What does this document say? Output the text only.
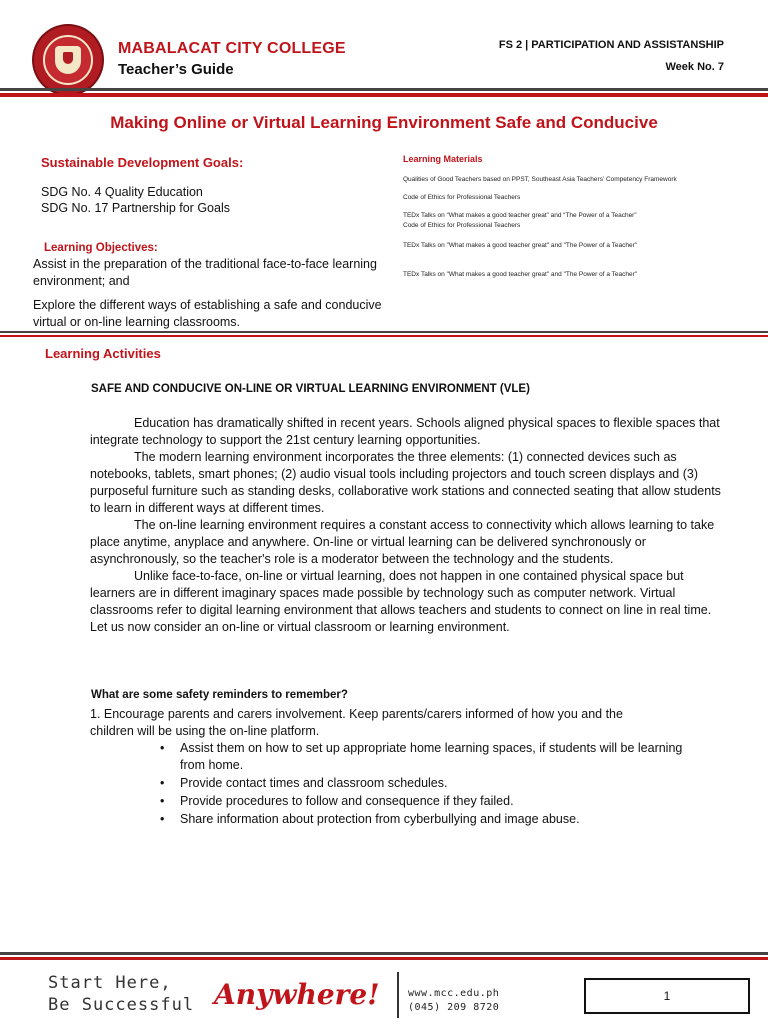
MABALACAT CITY COLLEGE
Teacher’s Guide
FS 2 | PARTICIPATION AND ASSISTANSHIP
Week No. 7
Making Online or Virtual Learning Environment Safe and Conducive
Sustainable Development Goals:
SDG No. 4 Quality Education
SDG No. 17 Partnership for Goals
Learning Objectives:
Assist in the preparation of the traditional face-to-face learning environment; and
Explore the different ways of establishing a safe and conducive virtual or on-line learning classrooms.
Learning Materials
Qualities of Good Teachers based on PPST, Southeast Asia Teachers’ Competency Framework
Code of Ethics for Professional Teachers
TEDx Talks on “What makes a good teacher great” and “The Power of a Teacher”
Code of Ethics for Professional Teachers
TEDx Talks on "What makes a good teacher great" and "The Power of a Teacher"
TEDx Talks on "What makes a good teacher great" and "The Power of a Teacher"
Learning Activities
SAFE AND CONDUCIVE ON-LINE OR VIRTUAL LEARNING ENVIRONMENT (VLE)

Education has dramatically shifted in recent years. Schools aligned physical spaces to flexible spaces that integrate technology to support the 21st century learning opportunities.

The modern learning environment incorporates the three elements: (1) connected devices such as notebooks, tablets, smart phones; (2) audio visual tools including projectors and touch screen displays and (3) purposeful furniture such as standing desks, collaborative work stations and connected seating that allow students to learn in different ways at different times.

The on-line learning environment requires a constant access to connectivity which allows learning to take place anytime, anyplace and anywhere. On-line or virtual learning can be delivered synchronously or asynchronously, so the teacher's role is a moderator between the technology and the students.

Unlike face-to-face, on-line or virtual learning, does not happen in one contained physical space but learners are in different imaginary spaces made possible by technology such as computer network. Virtual classrooms refer to digital learning environment that allows teachers and students to connect on line in real time.

Let us now consider an on-line or virtual classroom or learning environment.

What are some safety reminders to remember?
1. Encourage parents and carers involvement. Keep parents/carers informed of how you and the children will be using the on-line platform.
• Assist them on how to set up appropriate home learning spaces, if students will be learning from home.
• Provide contact times and classroom schedules.
• Provide procedures to follow and consequence if they failed.
• Share information about protection from cyberbullying and image abuse.
Start Here,
Be Successful Anywhere!	www.mcc.edu.ph
(045) 209 8720
1
